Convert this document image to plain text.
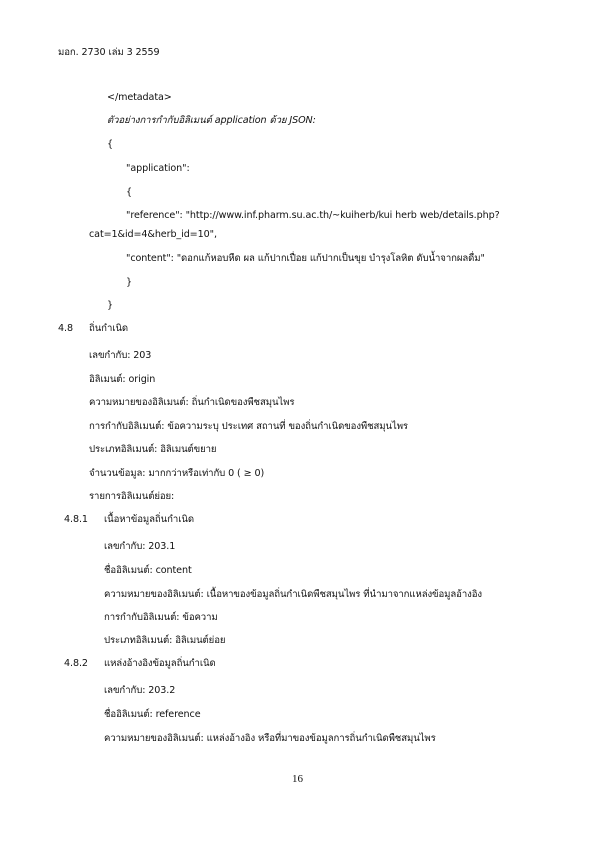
มอก. 2730 เล่ม 3 2559
</metadata>
ตัวอย่างการกำกับอิลิเมนต์ application ด้วย JSON:
{
"application":
{
"reference": "http://www.inf.pharm.su.ac.th/~kuiherb/kui herb web/details.php?
cat=1&id=4&herb_id=10",
"content": "ดอกแก้หอบหืด ผล แก้ปากเปื่อย แก้ปากเป็นขุย บำรุงโลหิต ดับน้ำจากผลดื่ม"
}
}
4.8 ถิ่นกำเนิด
เลขกำกับ: 203
อิลิเมนต์: origin
ความหมายของอิลิเมนต์: ถิ่นกำเนิดของพืชสมุนไพร
การกำกับอิลิเมนต์: ข้อความระบุ ประเทศ สถานที่ ของถิ่นกำเนิดของพืชสมุนไพร
ประเภทอิลิเมนต์: อิลิเมนต์ขยาย
จำนวนข้อมูล: มากกว่าหรือเท่ากับ 0 ( ≥ 0)
รายการอิลิเมนต์ย่อย:
4.8.1 เนื้อหาข้อมูลถิ่นกำเนิด
เลขกำกับ: 203.1
ชื่ออิลิเมนต์: content
ความหมายของอิลิเมนต์: เนื้อหาของข้อมูลถิ่นกำเนิดพืชสมุนไพร ที่นำมาจากแหล่งข้อมูลอ้างอิง
การกำกับอิลิเมนต์: ข้อความ
ประเภทอิลิเมนต์: อิลิเมนต์ย่อย
4.8.2 แหล่งอ้างอิงข้อมูลถิ่นกำเนิด
เลขกำกับ: 203.2
ชื่ออิลิเมนต์: reference
ความหมายของอิลิเมนต์: แหล่งอ้างอิง หรือที่มาของข้อมูลการถิ่นกำเนิดพืชสมุนไพร
16
